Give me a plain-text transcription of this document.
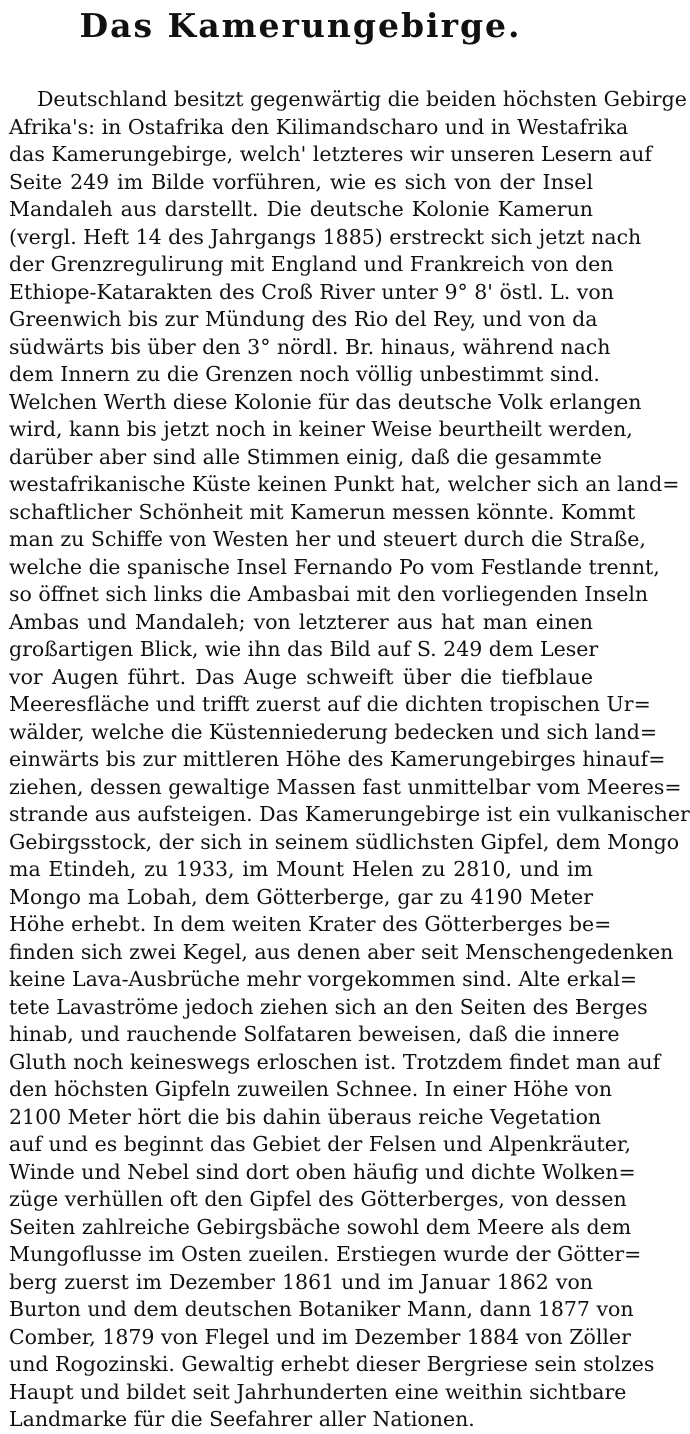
Das Kamerungebirge.
Deutschland besitzt gegenwärtig die beiden höchsten Gebirge
Afrika's: in Ostafrika den Kilimandscharo und in Westafrika
das Kamerungebirge, welch' letzteres wir unseren Lesern auf
Seite 249 im Bilde vorführen, wie es sich von der Insel
Mandaleh aus darstellt. Die deutsche Kolonie Kamerun
(vergl. Heft 14 des Jahrgangs 1885) erstreckt sich jetzt nach
der Grenzregulirung mit England und Frankreich von den
Ethiope-Katarakten des Croß River unter 9° 8' östl. L. von
Greenwich bis zur Mündung des Rio del Rey, und von da
südwärts bis über den 3° nördl. Br. hinaus, während nach
dem Innern zu die Grenzen noch völlig unbestimmt sind.
Welchen Werth diese Kolonie für das deutsche Volk erlangen
wird, kann bis jetzt noch in keiner Weise beurtheilt werden,
darüber aber sind alle Stimmen einig, daß die gesammte
westafrikanische Küste keinen Punkt hat, welcher sich an land=
schaftlicher Schönheit mit Kamerun messen könnte. Kommt
man zu Schiffe von Westen her und steuert durch die Straße,
welche die spanische Insel Fernando Po vom Festlande trennt,
so öffnet sich links die Ambasbai mit den vorliegenden Inseln
Ambas und Mandaleh; von letzterer aus hat man einen
großartigen Blick, wie ihn das Bild auf S. 249 dem Leser
vor Augen führt. Das Auge schweift über die tiefblaue
Meeresfläche und trifft zuerst auf die dichten tropischen Ur=
wälder, welche die Küstenniederung bedecken und sich land=
einwärts bis zur mittleren Höhe des Kamerungebirges hinauf=
ziehen, dessen gewaltige Massen fast unmittelbar vom Meeres=
strande aus aufsteigen. Das Kamerungebirge ist ein vulkanischer
Gebirgsstock, der sich in seinem südlichsten Gipfel, dem Mongo
ma Etindeh, zu 1933, im Mount Helen zu 2810, und im
Mongo ma Lobah, dem Götterberge, gar zu 4190 Meter
Höhe erhebt. In dem weiten Krater des Götterberges be=
finden sich zwei Kegel, aus denen aber seit Menschengedenken
keine Lava-Ausbrüche mehr vorgekommen sind. Alte erkal=
tete Lavaströme jedoch ziehen sich an den Seiten des Berges
hinab, und rauchende Solfataren beweisen, daß die innere
Gluth noch keineswegs erloschen ist. Trotzdem findet man auf
den höchsten Gipfeln zuweilen Schnee. In einer Höhe von
2100 Meter hört die bis dahin überaus reiche Vegetation
auf und es beginnt das Gebiet der Felsen und Alpenkräuter,
Winde und Nebel sind dort oben häufig und dichte Wolken=
züge verhüllen oft den Gipfel des Götterberges, von dessen
Seiten zahlreiche Gebirgsbäche sowohl dem Meere als dem
Mungoflusse im Osten zueilen. Erstiegen wurde der Götter=
berg zuerst im Dezember 1861 und im Januar 1862 von
Burton und dem deutschen Botaniker Mann, dann 1877 von
Comber, 1879 von Flegel und im Dezember 1884 von Zöller
und Rogozinski. Gewaltig erhebt dieser Bergriese sein stolzes
Haupt und bildet seit Jahrhunderten eine weithin sichtbare
Landmarke für die Seefahrer aller Nationen.
